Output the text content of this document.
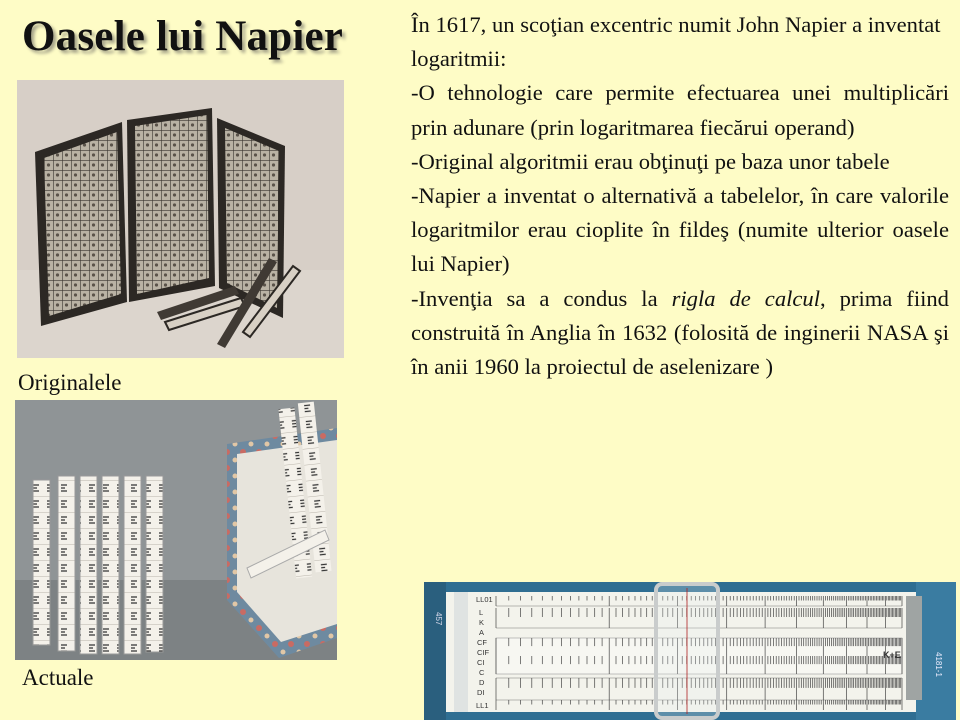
Oasele lui Napier	În 1617, un scoţian excentric numit John Napier a inventat logaritmii:

-O tehnologie care permite efectuarea unei multiplicări prin adunare (prin logaritmarea fiecărui operand)

-Original algoritmii erau obţinuţi pe baza unor tabele

-Napier a inventat o alternativă a tabelelor, în care valorile logaritmilor erau cioplite în fildeş (numite ulterior oasele lui Napier)

-Invenţia sa a condus la rigla de calcul, prima fiind construită în Anglia în 1632 (folosită de inginerii NASA şi în anii 1960 la proiectul de aselenizare )

Originalele
Actuale
LL01
L
K
A
CF
CIF
CI
C
D
DI
LL1
K+E	4181-1
457
